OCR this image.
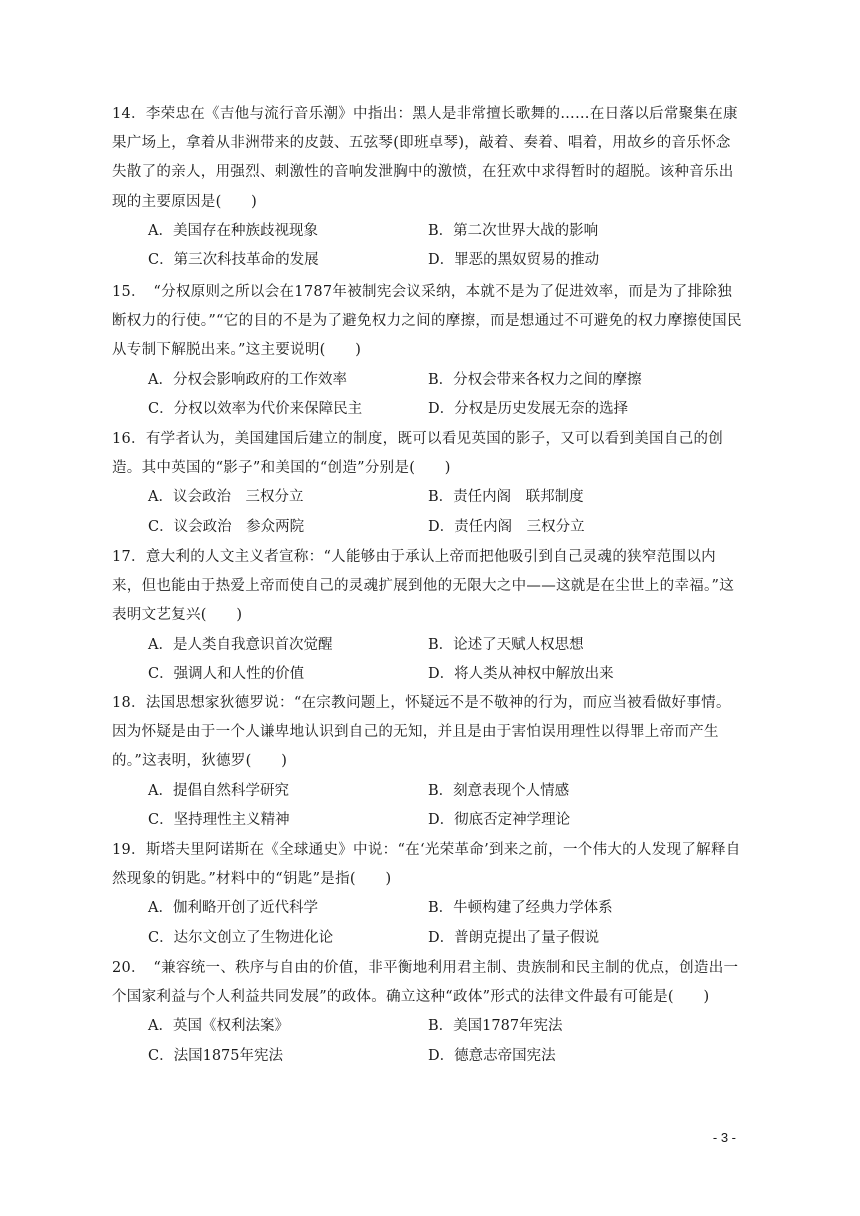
14．李荣忠在《吉他与流行音乐潮》中指出：黑人是非常擅长歌舞的……在日落以后常聚集在康果广场上，拿着从非洲带来的皮鼓、五弦琴(即班卓琴)，敲着、奏着、唱着，用故乡的音乐怀念失散了的亲人，用强烈、刺激性的音响发泄胸中的激愤，在狂欢中求得暂时的超脱。该种音乐出现的主要原因是(　　)

A．美国存在种族歧视现象	B．第二次世界大战的影响
C．第三次科技革命的发展	D．罪恶的黑奴贸易的推动

15．　“分权原则之所以会在1787年被制宪会议采纳，本就不是为了促进效率，而是为了排除独断权力的行使。”“它的目的不是为了避免权力之间的摩擦，而是想通过不可避免的权力摩擦使国民从专制下解脱出来。”这主要说明(　　)

A．分权会影响政府的工作效率	B．分权会带来各权力之间的摩擦
C．分权以效率为代价来保障民主	D．分权是历史发展无奈的选择

16．有学者认为，美国建国后建立的制度，既可以看见英国的影子，又可以看到美国自己的创造。其中英国的“影子”和美国的“创造”分别是(　　)

A．议会政治　三权分立	B．责任内阁　联邦制度
C．议会政治　参众两院	D．责任内阁　三权分立

17．意大利的人文主义者宣称：“人能够由于承认上帝而把他吸引到自己灵魂的狭窄范围以内来，但也能由于热爱上帝而使自己的灵魂扩展到他的无限大之中——这就是在尘世上的幸福。”这表明文艺复兴(　　)

A．是人类自我意识首次觉醒	B．论述了天赋人权思想
C．强调人和人性的价值	D．将人类从神权中解放出来

18．法国思想家狄德罗说：“在宗教问题上，怀疑远不是不敬神的行为，而应当被看做好事情。因为怀疑是由于一个人谦卑地认识到自己的无知，并且是由于害怕误用理性以得罪上帝而产生的。”这表明，狄德罗(　　)

A．提倡自然科学研究	B．刻意表现个人情感
C．坚持理性主义精神	D．彻底否定神学理论

19．斯塔夫里阿诺斯在《全球通史》中说：“在‘光荣革命’到来之前，一个伟大的人发现了解释自然现象的钥匙。”材料中的“钥匙”是指(　　)

A．伽利略开创了近代科学	B．牛顿构建了经典力学体系
C．达尔文创立了生物进化论	D．普朗克提出了量子假说

20．　“兼容统一、秩序与自由的价值，非平衡地利用君主制、贵族制和民主制的优点，创造出一个国家利益与个人利益共同发展”的政体。确立这种“政体”形式的法律文件最有可能是(　　)

A．英国《权利法案》	B．美国1787年宪法
C．法国1875年宪法	D．德意志帝国宪法
- 3 -
